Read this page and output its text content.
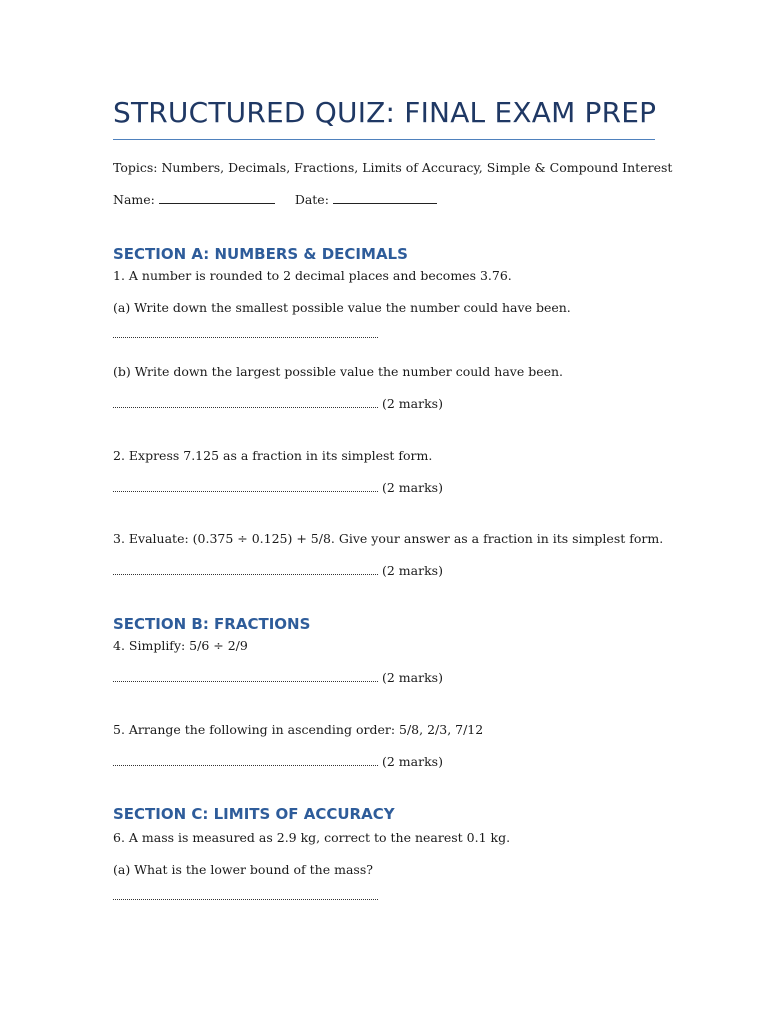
STRUCTURED QUIZ: FINAL EXAM PREP
Topics: Numbers, Decimals, Fractions, Limits of Accuracy, Simple & Compound Interest
Name:	Date:
SECTION A: NUMBERS & DECIMALS
1. A number is rounded to 2 decimal places and becomes 3.76.
(a) Write down the smallest possible value the number could have been.
(b) Write down the largest possible value the number could have been.
(2 marks)
2. Express 7.125 as a fraction in its simplest form.
(2 marks)
3. Evaluate: (0.375 ÷ 0.125) + 5/8. Give your answer as a fraction in its simplest form.
(2 marks)
SECTION B: FRACTIONS
4. Simplify: 5/6 ÷ 2/9
(2 marks)
5. Arrange the following in ascending order: 5/8, 2/3, 7/12
(2 marks)
SECTION C: LIMITS OF ACCURACY
6. A mass is measured as 2.9 kg, correct to the nearest 0.1 kg.
(a) What is the lower bound of the mass?
